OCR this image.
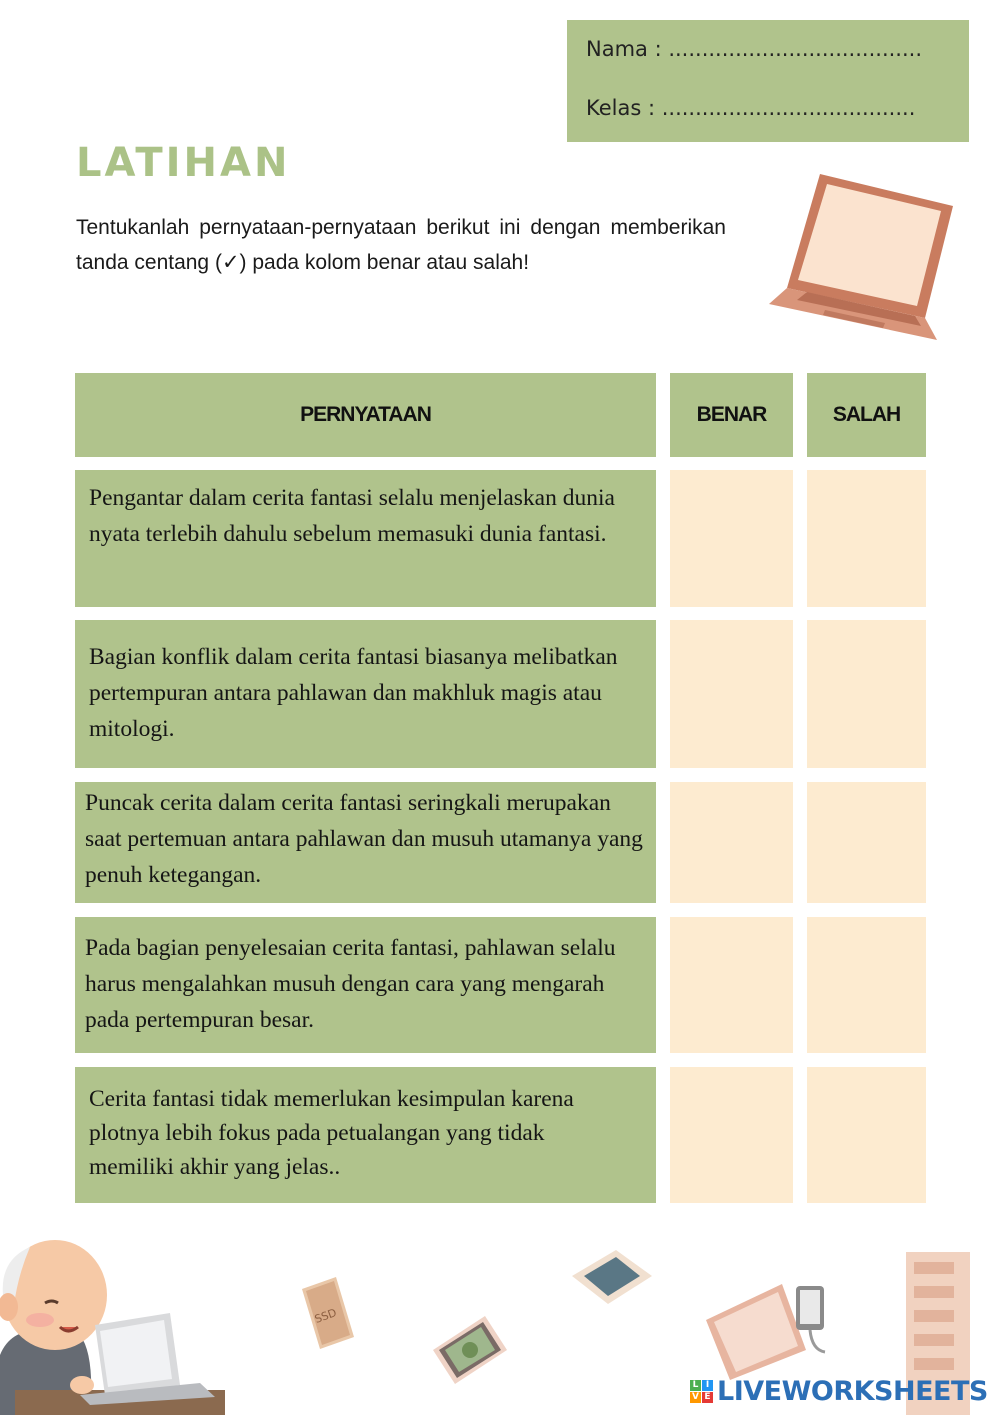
Nama : ......................................
Kelas : ......................................
LATIHAN

Tentukanlah pernyataan-pernyataan berikut ini dengan memberikan tanda centang (✓) pada kolom benar atau salah!

PERNYATAAN	BENAR	SALAH
Pengantar dalam cerita fantasi selalu menjelaskan dunia nyata terlebih dahulu sebelum memasuki dunia fantasi.
Bagian konflik dalam cerita fantasi biasanya melibatkan pertempuran antara pahlawan dan makhluk magis atau mitologi.
Puncak cerita dalam cerita fantasi seringkali merupakan saat pertemuan antara pahlawan dan musuh utamanya yang penuh ketegangan.
Pada bagian penyelesaian cerita fantasi, pahlawan selalu harus mengalahkan musuh dengan cara yang mengarah pada pertempuran besar.
Cerita fantasi tidak memerlukan kesimpulan karena plotnya lebih fokus pada petualangan yang tidak memiliki akhir yang jelas..
SSD
L I
V E LIVEWORKSHEETS
